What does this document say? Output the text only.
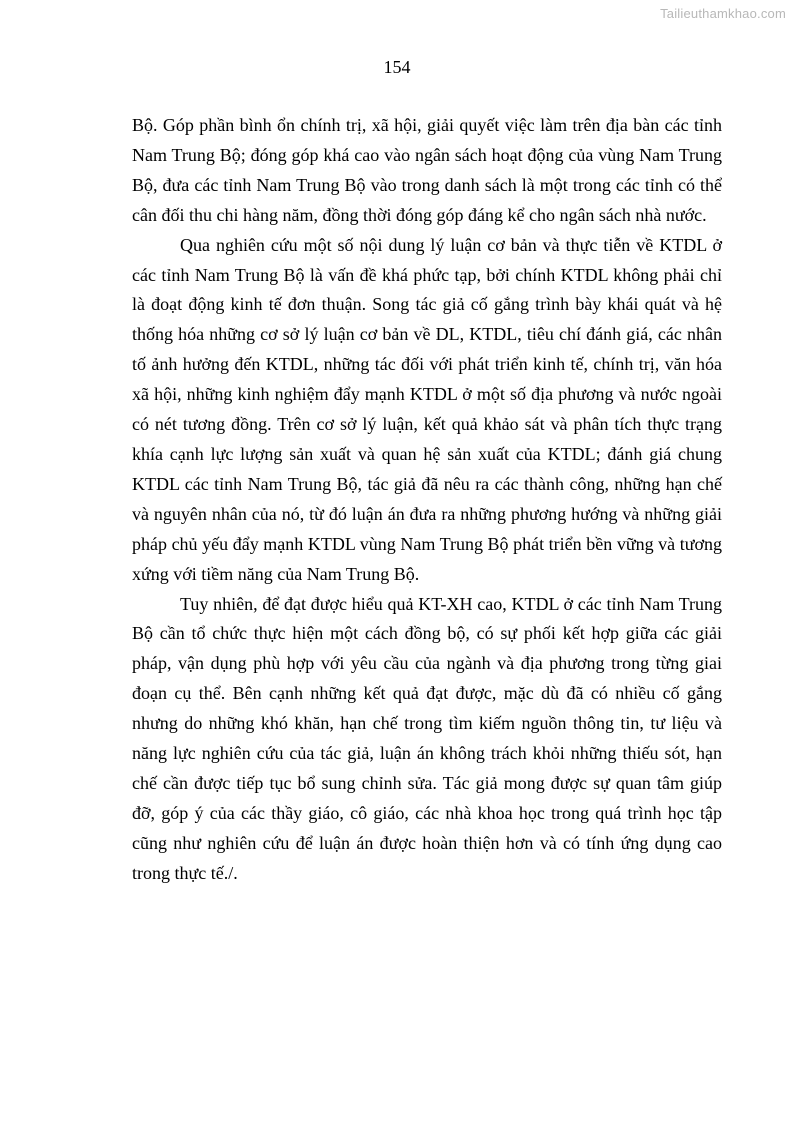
Tailieuthamkhao.com
154

Bộ. Góp phần bình ổn chính trị, xã hội, giải quyết việc làm trên địa bàn các tỉnh Nam Trung Bộ; đóng góp khá cao vào ngân sách hoạt động của vùng Nam Trung Bộ, đưa các tỉnh Nam Trung Bộ vào trong danh sách là một trong các tỉnh có thể cân đối thu chi hàng năm, đồng thời đóng góp đáng kể cho ngân sách nhà nước.

Qua nghiên cứu một số nội dung lý luận cơ bản và thực tiễn về KTDL ở các tỉnh Nam Trung Bộ là vấn đề khá phức tạp, bởi chính KTDL không phải chỉ là đoạt động kinh tế đơn thuận. Song tác giả cố gắng trình bày khái quát và hệ thống hóa những cơ sở lý luận cơ bản về DL, KTDL, tiêu chí đánh giá, các nhân tố ảnh hưởng đến KTDL, những tác đối với phát triển kinh tế, chính trị, văn hóa xã hội, những kinh nghiệm đẩy mạnh KTDL ở một số địa phương và nước ngoài có nét tương đồng. Trên cơ sở lý luận, kết quả khảo sát và phân tích thực trạng khía cạnh lực lượng sản xuất và quan hệ sản xuất của KTDL; đánh giá chung KTDL các tỉnh Nam Trung Bộ, tác giả đã nêu ra các thành công, những hạn chế và nguyên nhân của nó, từ đó luận án đưa ra những phương hướng và những giải pháp chủ yếu đẩy mạnh KTDL vùng Nam Trung Bộ phát triển bền vững và tương xứng với tiềm năng của Nam Trung Bộ.

Tuy nhiên, để đạt được hiểu quả KT-XH cao, KTDL ở các tỉnh Nam Trung Bộ cần tổ chức thực hiện một cách đồng bộ, có sự phối kết hợp giữa các giải pháp, vận dụng phù hợp với yêu cầu của ngành và địa phương trong từng giai đoạn cụ thể. Bên cạnh những kết quả đạt được, mặc dù đã có nhiều cố gắng nhưng do những khó khăn, hạn chế trong tìm kiếm nguồn thông tin, tư liệu và năng lực nghiên cứu của tác giả, luận án không trách khỏi những thiếu sót, hạn chế cần được tiếp tục bổ sung chỉnh sửa. Tác giả mong được sự quan tâm giúp đỡ, góp ý của các thầy giáo, cô giáo, các nhà khoa học trong quá trình học tập cũng như nghiên cứu để luận án được hoàn thiện hơn và có tính ứng dụng cao trong thực tế./.
